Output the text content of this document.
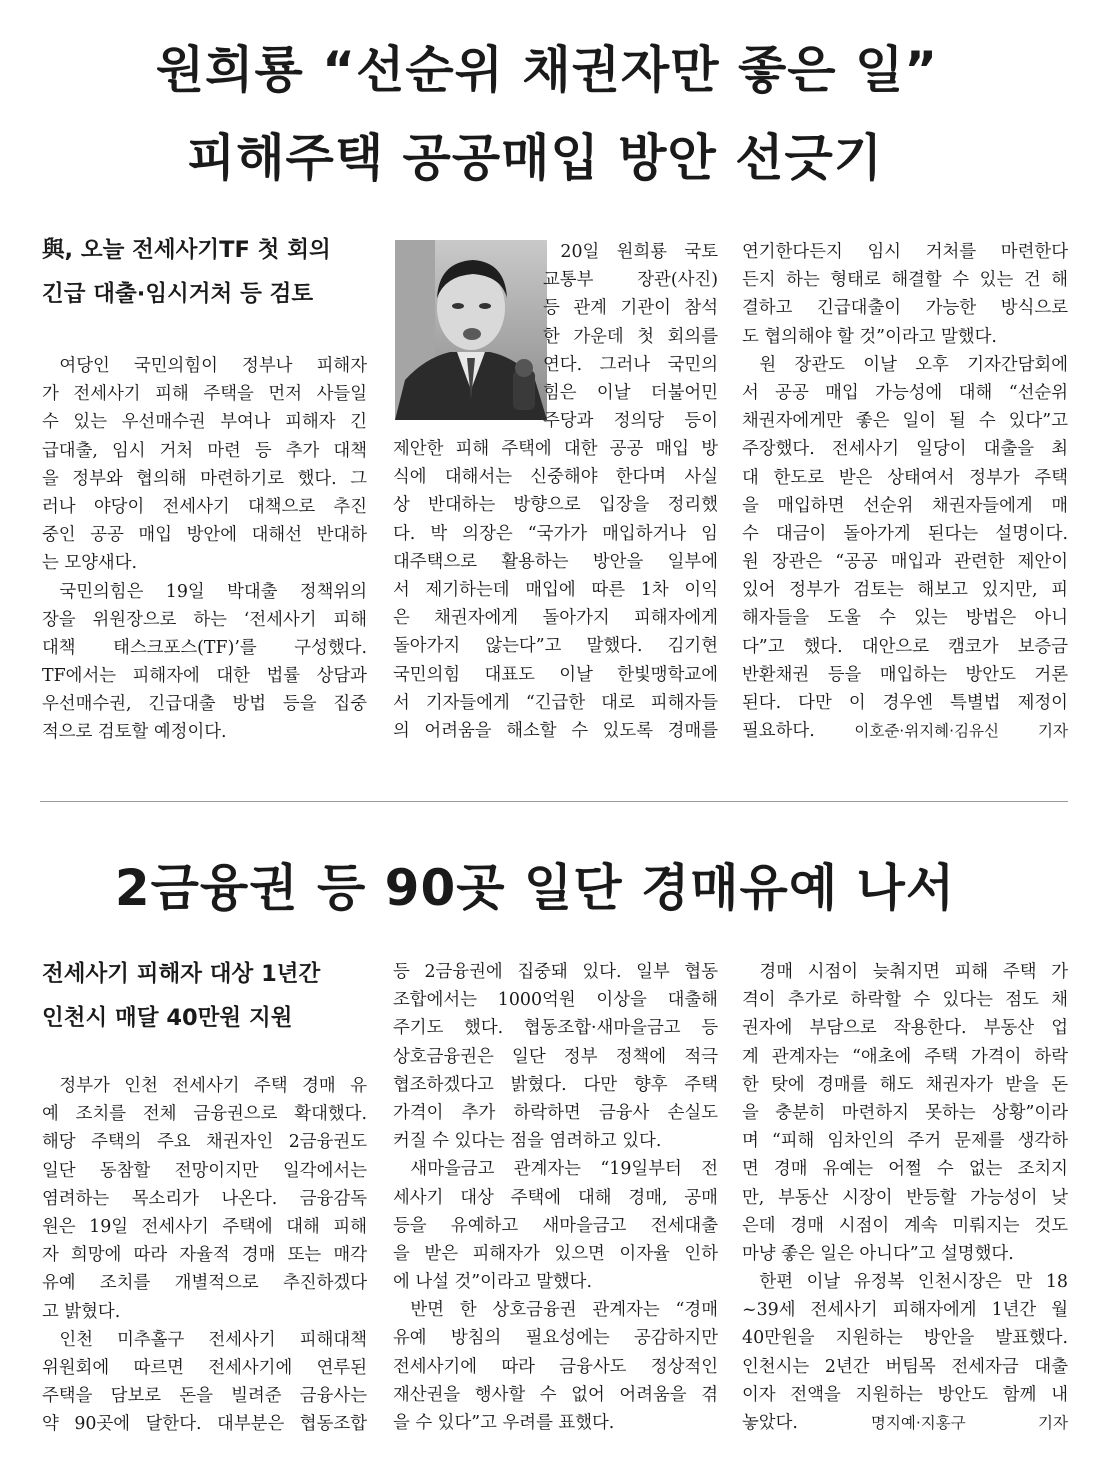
원희룡 “선순위 채권자만 좋은 일”
피해주택 공공매입 방안 선긋기
與, 오늘 전세사기TF 첫 회의
긴급 대출·임시거처 등 검토
여당인 국민의힘이 정부나 피해자
가 전세사기 피해 주택을 먼저 사들일
수 있는 우선매수권 부여나 피해자 긴
급대출, 임시 거처 마련 등 추가 대책
을 정부와 협의해 마련하기로 했다. 그
러나 야당이 전세사기 대책으로 추진
중인 공공 매입 방안에 대해선 반대하
는 모양새다.
국민의힘은 19일 박대출 정책위의
장을 위원장으로 하는 ‘전세사기 피해
대책 태스크포스(TF)’를 구성했다.
TF에서는 피해자에 대한 법률 상담과
우선매수권, 긴급대출 방법 등을 집중
적으로 검토할 예정이다.
20일 원희룡 국토
교통부 장관(사진)
등 관계 기관이 참석
한 가운데 첫 회의를
연다. 그러나 국민의
힘은 이날 더불어민
주당과 정의당 등이
제안한 피해 주택에 대한 공공 매입 방
식에 대해서는 신중해야 한다며 사실
상 반대하는 방향으로 입장을 정리했
다. 박 의장은 “국가가 매입하거나 임
대주택으로 활용하는 방안을 일부에
서 제기하는데 매입에 따른 1차 이익
은 채권자에게 돌아가지 피해자에게
돌아가지 않는다”고 말했다. 김기현
국민의힘 대표도 이날 한빛맹학교에
서 기자들에게 “긴급한 대로 피해자들
의 어려움을 해소할 수 있도록 경매를
연기한다든지 임시 거처를 마련한다
든지 하는 형태로 해결할 수 있는 건 해
결하고 긴급대출이 가능한 방식으로
도 협의해야 할 것”이라고 말했다.
원 장관도 이날 오후 기자간담회에
서 공공 매입 가능성에 대해 “선순위
채권자에게만 좋은 일이 될 수 있다”고
주장했다. 전세사기 일당이 대출을 최
대 한도로 받은 상태여서 정부가 주택
을 매입하면 선순위 채권자들에게 매
수 대금이 돌아가게 된다는 설명이다.
원 장관은 “공공 매입과 관련한 제안이
있어 정부가 검토는 해보고 있지만, 피
해자들을 도울 수 있는 방법은 아니
다”고 했다. 대안으로 캠코가 보증금
반환채권 등을 매입하는 방안도 거론
된다. 다만 이 경우엔 특별법 제정이
필요하다.	이호준·위지혜·김유신 기자
2금융권 등 90곳 일단 경매유예 나서
전세사기 피해자 대상 1년간
인천시 매달 40만원 지원
정부가 인천 전세사기 주택 경매 유
예 조치를 전체 금융권으로 확대했다.
해당 주택의 주요 채권자인 2금융권도
일단 동참할 전망이지만 일각에서는
염려하는 목소리가 나온다. 금융감독
원은 19일 전세사기 주택에 대해 피해
자 희망에 따라 자율적 경매 또는 매각
유예 조치를 개별적으로 추진하겠다
고 밝혔다.
인천 미추홀구 전세사기 피해대책
위원회에 따르면 전세사기에 연루된
주택을 담보로 돈을 빌려준 금융사는
약 90곳에 달한다. 대부분은 협동조합
등 2금융권에 집중돼 있다. 일부 협동
조합에서는 1000억원 이상을 대출해
주기도 했다. 협동조합·새마을금고 등
상호금융권은 일단 정부 정책에 적극
협조하겠다고 밝혔다. 다만 향후 주택
가격이 추가 하락하면 금융사 손실도
커질 수 있다는 점을 염려하고 있다.
새마을금고 관계자는 “19일부터 전
세사기 대상 주택에 대해 경매, 공매
등을 유예하고 새마을금고 전세대출
을 받은 피해자가 있으면 이자율 인하
에 나설 것”이라고 말했다.
반면 한 상호금융권 관계자는 “경매
유예 방침의 필요성에는 공감하지만
전세사기에 따라 금융사도 정상적인
재산권을 행사할 수 없어 어려움을 겪
을 수 있다”고 우려를 표했다.
경매 시점이 늦춰지면 피해 주택 가
격이 추가로 하락할 수 있다는 점도 채
권자에 부담으로 작용한다. 부동산 업
계 관계자는 “애초에 주택 가격이 하락
한 탓에 경매를 해도 채권자가 받을 돈
을 충분히 마련하지 못하는 상황”이라
며 “피해 임차인의 주거 문제를 생각하
면 경매 유예는 어쩔 수 없는 조치지
만, 부동산 시장이 반등할 가능성이 낮
은데 경매 시점이 계속 미뤄지는 것도
마냥 좋은 일은 아니다”고 설명했다.
한편 이날 유정복 인천시장은 만 18
~39세 전세사기 피해자에게 1년간 월
40만원을 지원하는 방안을 발표했다.
인천시는 2년간 버팀목 전세자금 대출
이자 전액을 지원하는 방안도 함께 내
놓았다.	명지예·지홍구 기자
